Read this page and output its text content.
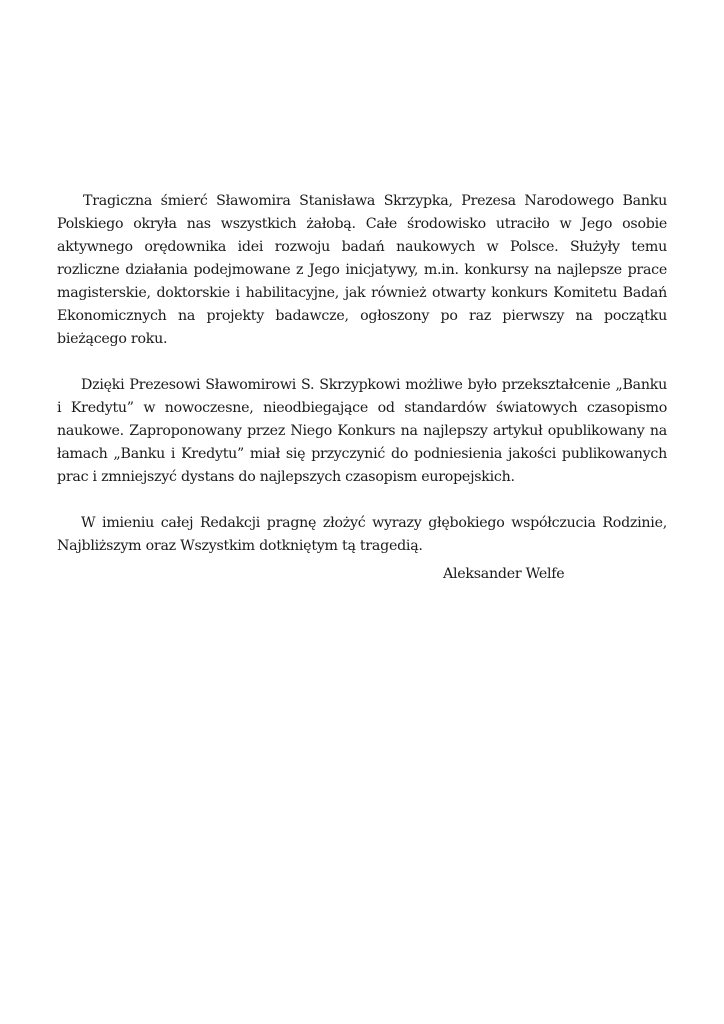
Tragiczna śmierć Sławomira Stanisława Skrzypka, Prezesa Narodowego Banku Polskiego okryła nas wszystkich żałobą. Całe środowisko utraciło w Jego osobie aktywnego orędownika idei rozwoju badań naukowych w Polsce. Służyły temu rozliczne działania podejmowane z Jego inicjatywy, m.in. konkursy na najlepsze prace magisterskie, doktorskie i habilitacyjne, jak również otwarty konkurs Komitetu Badań Ekonomicznych na projekty badawcze, ogłoszony po raz pierwszy na początku bieżącego roku.

Dzięki Prezesowi Sławomirowi S. Skrzypkowi możliwe było przekształcenie „Banku i Kredytu” w nowoczesne, nieodbiegające od standardów światowych czasopismo naukowe. Zaproponowany przez Niego Konkurs na najlepszy artykuł opublikowany na łamach „Banku i Kredytu” miał się przyczynić do podniesienia jakości publikowanych prac i zmniejszyć dystans do najlepszych czasopism europejskich.

W imieniu całej Redakcji pragnę złożyć wyrazy głębokiego współczucia Rodzinie, Najbliższym oraz Wszystkim dotkniętym tą tragedią.

Aleksander Welfe
